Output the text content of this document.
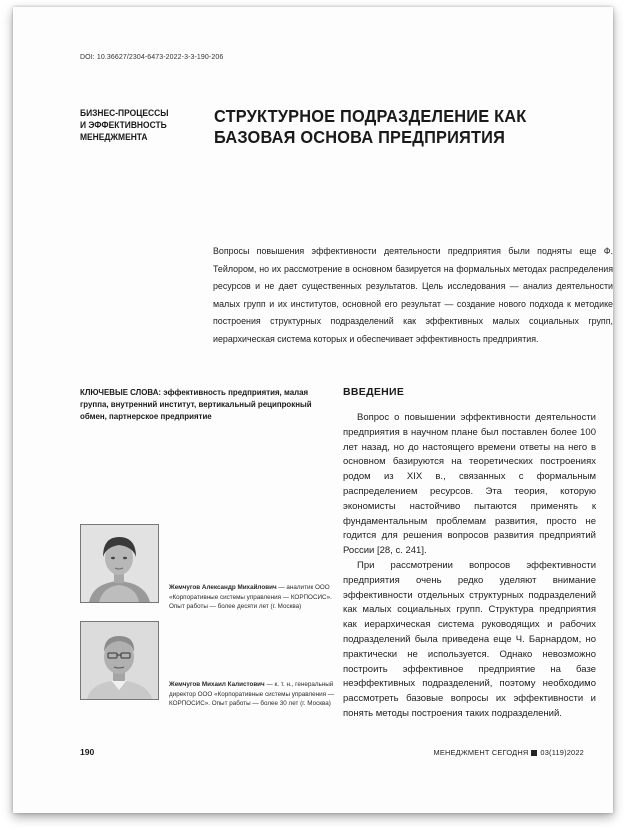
DOI: 10.36627/2304-6473-2022-3-3-190-206
БИЗНЕС-ПРОЦЕССЫ И ЭФФЕКТИВНОСТЬ МЕНЕДЖМЕНТА
СТРУКТУРНОЕ ПОДРАЗДЕЛЕНИЕ КАК БАЗОВАЯ ОСНОВА ПРЕДПРИЯТИЯ
Вопросы повышения эффективности деятельности предприятия были подняты еще Ф. Тейлором, но их рассмотрение в основном базируется на формальных методах распределения ресурсов и не дает существенных результатов. Цель исследования — анализ деятельности малых групп и их институтов, основной его результат — создание нового подхода к методике построения структурных подразделений как эффективных малых социальных групп, иерархическая система которых и обеспечивает эффективность предприятия.
КЛЮЧЕВЫЕ СЛОВА: эффективность предприятия, малая группа, внутренний институт, вертикальный реципрокный обмен, партнерское предприятие
ВВЕДЕНИЕ

Вопрос о повышении эффективности деятельности предприятия в научном плане был поставлен более 100 лет назад, но до настоящего времени ответы на него в основном базируются на теоретических построениях родом из XIX в., связанных с формальным распределением ресурсов. Эта теория, которую экономисты настойчиво пытаются применять к фундаментальным проблемам развития, просто не годится для решения вопросов развития предприятий России [28, с. 241].

При рассмотрении вопросов эффективности предприятия очень редко уделяют внимание эффективности отдельных структурных подразделений как малых социальных групп. Структура предприятия как иерархическая система руководящих и рабочих подразделений была приведена еще Ч. Барнардом, но практически не используется. Однако невозможно построить эффективное предприятие на базе неэффективных подразделений, поэтому необходимо рассмотреть базовые вопросы их эффективности и понять методы построения таких подразделений.

Жемчугов Александр Михайлович — аналитик ООО «Корпоративные системы управления — КОРПОСИС». Опыт работы — более десяти лет (г. Москва)
Жемчугов Михаил Калистович — к. т. н., генеральный директор ООО «Корпоративные системы управления — КОРПОСИС». Опыт работы — более 30 лет (г. Москва)
190	МЕНЕДЖМЕНТ СЕГОДНЯ 03(119)2022
